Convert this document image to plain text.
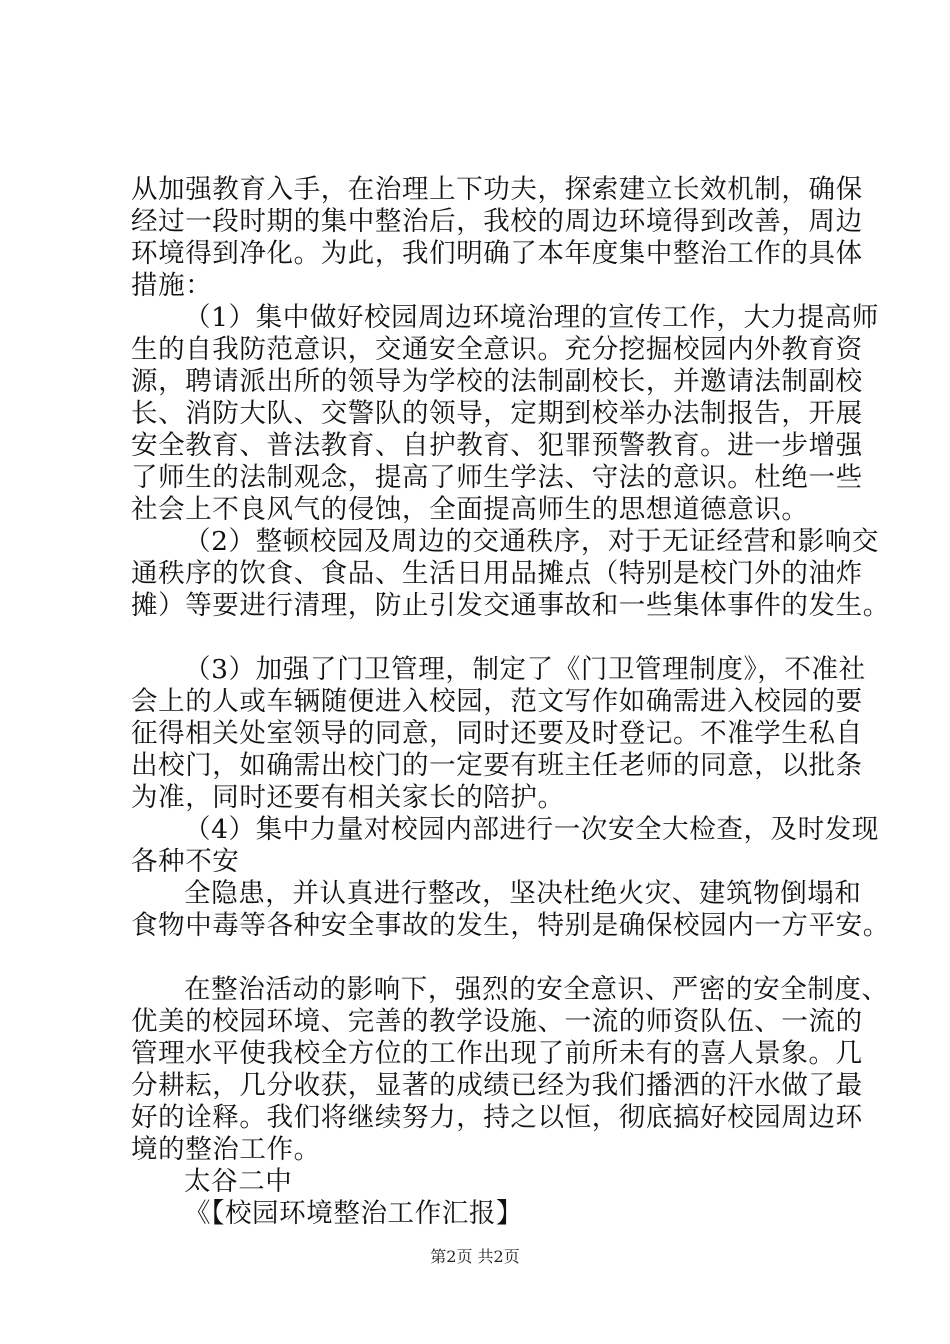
从加强教育入手，在治理上下功夫，探索建立长效机制，确保
经过一段时期的集中整治后，我校的周边环境得到改善，周边
环境得到净化。为此，我们明确了本年度集中整治工作的具体
措施：
（1）集中做好校园周边环境治理的宣传工作，大力提高师
生的自我防范意识，交通安全意识。充分挖掘校园内外教育资
源，聘请派出所的领导为学校的法制副校长，并邀请法制副校
长、消防大队、交警队的领导，定期到校举办法制报告，开展
安全教育、普法教育、自护教育、犯罪预警教育。进一步增强
了师生的法制观念，提高了师生学法、守法的意识。杜绝一些
社会上不良风气的侵蚀，全面提高师生的思想道德意识。
（2）整顿校园及周边的交通秩序，对于无证经营和影响交
通秩序的饮食、食品、生活日用品摊点（特别是校门外的油炸
摊）等要进行清理，防止引发交通事故和一些集体事件的发生。
（3）加强了门卫管理，制定了《门卫管理制度》，不准社
会上的人或车辆随便进入校园，范文写作如确需进入校园的要
征得相关处室领导的同意，同时还要及时登记。不准学生私自
出校门，如确需出校门的一定要有班主任老师的同意，以批条
为准，同时还要有相关家长的陪护。
（4）集中力量对校园内部进行一次安全大检查，及时发现
各种不安
全隐患，并认真进行整改，坚决杜绝火灾、建筑物倒塌和
食物中毒等各种安全事故的发生，特别是确保校园内一方平安。
在整治活动的影响下，强烈的安全意识、严密的安全制度、
优美的校园环境、完善的教学设施、一流的师资队伍、一流的
管理水平使我校全方位的工作出现了前所未有的喜人景象。几
分耕耘，几分收获，显著的成绩已经为我们播洒的汗水做了最
好的诠释。我们将继续努力，持之以恒，彻底搞好校园周边环
境的整治工作。
太谷二中
《【校园环境整治工作汇报】
第2页 共2页
